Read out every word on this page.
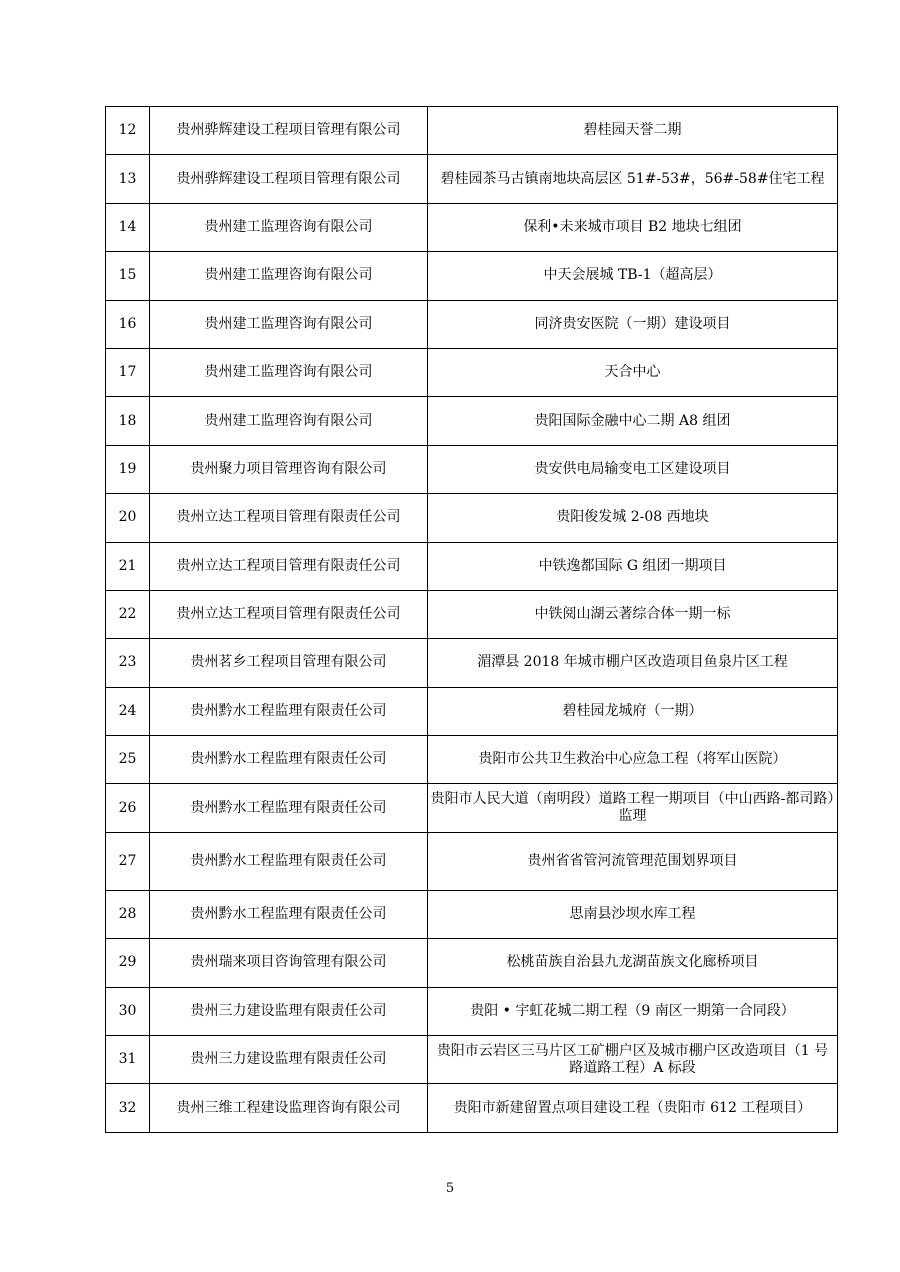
12	贵州骅辉建设工程项目管理有限公司	碧桂园天誉二期
13	贵州骅辉建设工程项目管理有限公司	碧桂园茶马古镇南地块高层区 51#-53#，56#-58#住宅工程
14	贵州建工监理咨询有限公司	保利•未来城市项目 B2 地块七组团
15	贵州建工监理咨询有限公司	中天会展城 TB-1（超高层）
16	贵州建工监理咨询有限公司	同济贵安医院（一期）建设项目
17	贵州建工监理咨询有限公司	天合中心
18	贵州建工监理咨询有限公司	贵阳国际金融中心二期 A8 组团
19	贵州聚力项目管理咨询有限公司	贵安供电局输变电工区建设项目
20	贵州立达工程项目管理有限责任公司	贵阳俊发城 2-08 西地块
21	贵州立达工程项目管理有限责任公司	中铁逸都国际 G 组团一期项目
22	贵州立达工程项目管理有限责任公司	中铁阅山湖云著综合体一期一标
23	贵州茗乡工程项目管理有限公司	湄潭县 2018 年城市棚户区改造项目鱼泉片区工程
24	贵州黔水工程监理有限责任公司	碧桂园龙城府（一期）
25	贵州黔水工程监理有限责任公司	贵阳市公共卫生救治中心应急工程（将军山医院）
26	贵州黔水工程监理有限责任公司	贵阳市人民大道（南明段）道路工程一期项目（中山西路-都司路）监理
27	贵州黔水工程监理有限责任公司	贵州省省管河流管理范围划界项目
28	贵州黔水工程监理有限责任公司	思南县沙坝水库工程
29	贵州瑞来项目咨询管理有限公司	松桃苗族自治县九龙湖苗族文化廊桥项目
30	贵州三力建设监理有限责任公司	贵阳 • 宇虹花城二期工程（9 南区一期第一合同段）
31	贵州三力建设监理有限责任公司	贵阳市云岩区三马片区工矿棚户区及城市棚户区改造项目（1 号路道路工程）A 标段
32	贵州三维工程建设监理咨询有限公司	贵阳市新建留置点项目建设工程（贵阳市 612 工程项目）
5
